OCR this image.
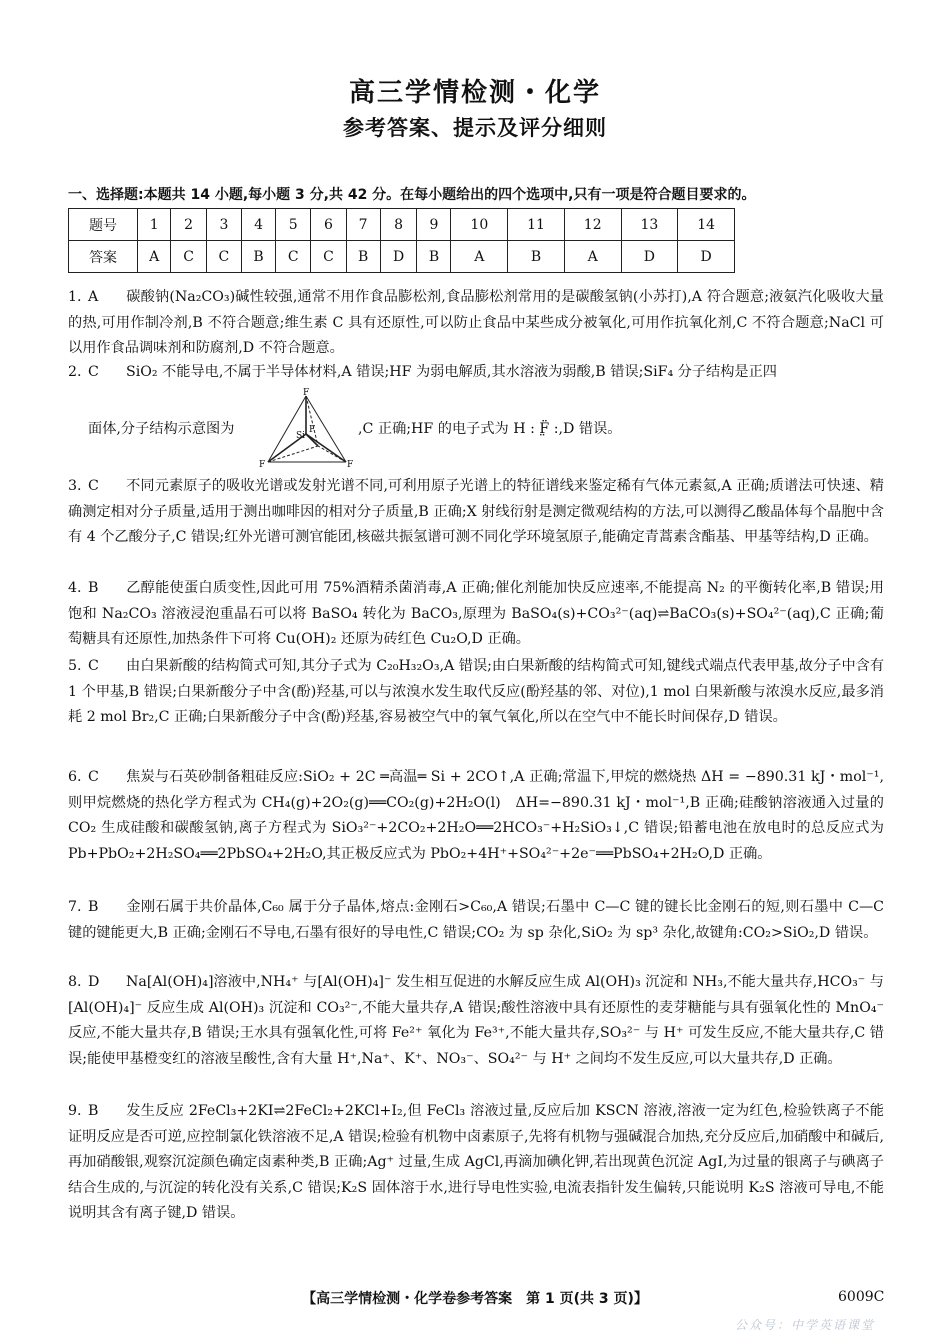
高三学情检测・化学
参考答案、提示及评分细则
一、选择题:本题共 14 小题,每小题 3 分,共 42 分。在每小题给出的四个选项中,只有一项是符合题目要求的。
题号	1	2	3	4	5	6	7	8	9	10	11	12	13	14
答案	A	C	C	B	C	C	B	D	B	A	B	A	D	D
1. A 碳酸钠(Na₂CO₃)碱性较强,通常不用作食品膨松剂,食品膨松剂常用的是碳酸氢钠(小苏打),A 符合题意;液氨汽化吸收大量的热,可用作制冷剂,B 不符合题意;维生素 C 具有还原性,可以防止食品中某些成分被氧化,可用作抗氧化剂,C 不符合题意;NaCl 可以用作食品调味剂和防腐剂,D 不符合题意。
2. C SiO₂ 不能导电,不属于半导体材料,A 错误;HF 为弱电解质,其水溶液为弱酸,B 错误;SiF₄ 分子结构是正四
面体,分子结构示意图为
F
F	F
Si
F	,C 正确;HF 的电子式为 H : F̤̈ :,D 错误。
3. C 不同元素原子的吸收光谱或发射光谱不同,可利用原子光谱上的特征谱线来鉴定稀有气体元素氦,A 正确;质谱法可快速、精确测定相对分子质量,适用于测出咖啡因的相对分子质量,B 正确;X 射线衍射是测定微观结构的方法,可以测得乙酸晶体每个晶胞中含有 4 个乙酸分子,C 错误;红外光谱可测官能团,核磁共振氢谱可测不同化学环境氢原子,能确定青蒿素含酯基、甲基等结构,D 正确。
4. B 乙醇能使蛋白质变性,因此可用 75%酒精杀菌消毒,A 正确;催化剂能加快反应速率,不能提高 N₂ 的平衡转化率,B 错误;用饱和 Na₂CO₃ 溶液浸泡重晶石可以将 BaSO₄ 转化为 BaCO₃,原理为 BaSO₄(s)+CO₃²⁻(aq)⇌BaCO₃(s)+SO₄²⁻(aq),C 正确;葡萄糖具有还原性,加热条件下可将 Cu(OH)₂ 还原为砖红色 Cu₂O,D 正确。
5. C 由白果新酸的结构简式可知,其分子式为 C₂₀H₃₂O₃,A 错误;由白果新酸的结构简式可知,键线式端点代表甲基,故分子中含有 1 个甲基,B 错误;白果新酸分子中含(酚)羟基,可以与浓溴水发生取代反应(酚羟基的邻、对位),1 mol 白果新酸与浓溴水反应,最多消耗 2 mol Br₂,C 正确;白果新酸分子中含(酚)羟基,容易被空气中的氧气氧化,所以在空气中不能长时间保存,D 错误。
6. C 焦炭与石英砂制备粗硅反应:SiO₂ + 2C ═高温═ Si + 2CO↑,A 正确;常温下,甲烷的燃烧热 ΔH = −890.31 kJ・mol⁻¹,则甲烷燃烧的热化学方程式为 CH₄(g)+2O₂(g)══CO₂(g)+2H₂O(l)　ΔH=−890.31 kJ・mol⁻¹,B 正确;硅酸钠溶液通入过量的 CO₂ 生成硅酸和碳酸氢钠,离子方程式为 SiO₃²⁻+2CO₂+2H₂O══2HCO₃⁻+H₂SiO₃↓,C 错误;铅蓄电池在放电时的总反应式为 Pb+PbO₂+2H₂SO₄══2PbSO₄+2H₂O,其正极反应式为 PbO₂+4H⁺+SO₄²⁻+2e⁻══PbSO₄+2H₂O,D 正确。
7. B 金刚石属于共价晶体,C₆₀ 属于分子晶体,熔点:金刚石>C₆₀,A 错误;石墨中 C—C 键的键长比金刚石的短,则石墨中 C—C 键的键能更大,B 正确;金刚石不导电,石墨有很好的导电性,C 错误;CO₂ 为 sp 杂化,SiO₂ 为 sp³ 杂化,故键角:CO₂>SiO₂,D 错误。
8. D Na[Al(OH)₄]溶液中,NH₄⁺ 与[Al(OH)₄]⁻ 发生相互促进的水解反应生成 Al(OH)₃ 沉淀和 NH₃,不能大量共存,HCO₃⁻ 与[Al(OH)₄]⁻ 反应生成 Al(OH)₃ 沉淀和 CO₃²⁻,不能大量共存,A 错误;酸性溶液中具有还原性的麦芽糖能与具有强氧化性的 MnO₄⁻ 反应,不能大量共存,B 错误;王水具有强氧化性,可将 Fe²⁺ 氧化为 Fe³⁺,不能大量共存,SO₃²⁻ 与 H⁺ 可发生反应,不能大量共存,C 错误;能使甲基橙变红的溶液呈酸性,含有大量 H⁺,Na⁺、K⁺、NO₃⁻、SO₄²⁻ 与 H⁺ 之间均不发生反应,可以大量共存,D 正确。
9. B 发生反应 2FeCl₃+2KI⇌2FeCl₂+2KCl+I₂,但 FeCl₃ 溶液过量,反应后加 KSCN 溶液,溶液一定为红色,检验铁离子不能证明反应是否可逆,应控制氯化铁溶液不足,A 错误;检验有机物中卤素原子,先将有机物与强碱混合加热,充分反应后,加硝酸中和碱后,再加硝酸银,观察沉淀颜色确定卤素种类,B 正确;Ag⁺ 过量,生成 AgCl,再滴加碘化钾,若出现黄色沉淀 AgI,为过量的银离子与碘离子结合生成的,与沉淀的转化没有关系,C 错误;K₂S 固体溶于水,进行导电性实验,电流表指针发生偏转,只能说明 K₂S 溶液可导电,不能说明其含有离子键,D 错误。
【高三学情检测・化学卷参考答案　第 1 页(共 3 页)】	6009C
公众号：中学英语课堂
